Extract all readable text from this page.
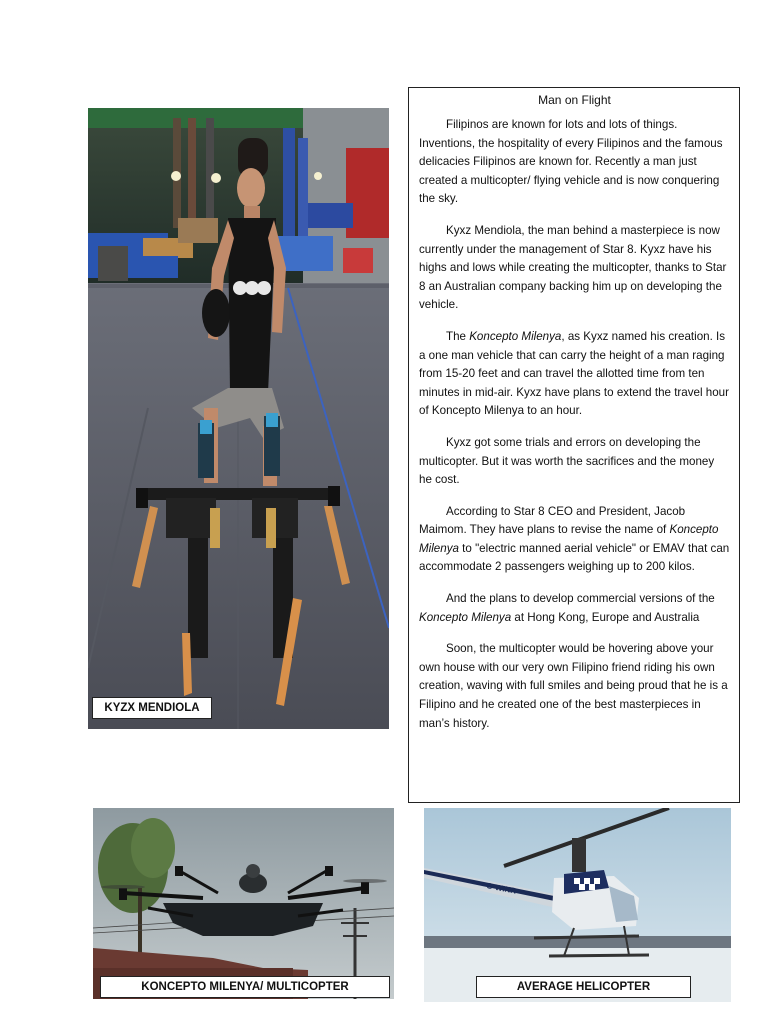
KYZX MENDIOLA
Man on Flight

Filipinos are known for lots and lots of things. Inventions, the hospitality of every Filipinos and the famous delicacies Filipinos are known for. Recently a man just created a multicopter/ flying vehicle and is now conquering the sky.

Kyxz Mendiola, the man behind a masterpiece is now currently under the management of Star 8. Kyxz have his highs and lows while creating the multicopter, thanks to Star 8 an Australian company backing him up on developing the vehicle.

The Koncepto Milenya, as Kyxz named his creation. Is a one man vehicle that can carry the height of a man raging from 15-20 feet and can travel the allotted time from ten minutes in mid-air. Kyxz have plans to extend the travel hour of Koncepto Milenya to an hour.

Kyxz got some trials and errors on developing the multicopter. But it was worth the sacrifices and the money he cost.

According to Star 8 CEO and President, Jacob Maimom. They have plans to revise the name of Koncepto Milenya to "electric manned aerial vehicle" or EMAV that can accommodate 2 passengers weighing up to 200 kilos.

And the plans to develop commercial versions of the Koncepto Milenya at Hong Kong, Europe and Australia

Soon, the multicopter would be hovering above your own house with our very own Filipino friend riding his own creation, waving with full smiles and being proud that he is a Filipino and he created one of the best masterpieces in man’s history.

KONCEPTO MILENYA/ MULTICOPTER
G-WINR
AVERAGE HELICOPTER
